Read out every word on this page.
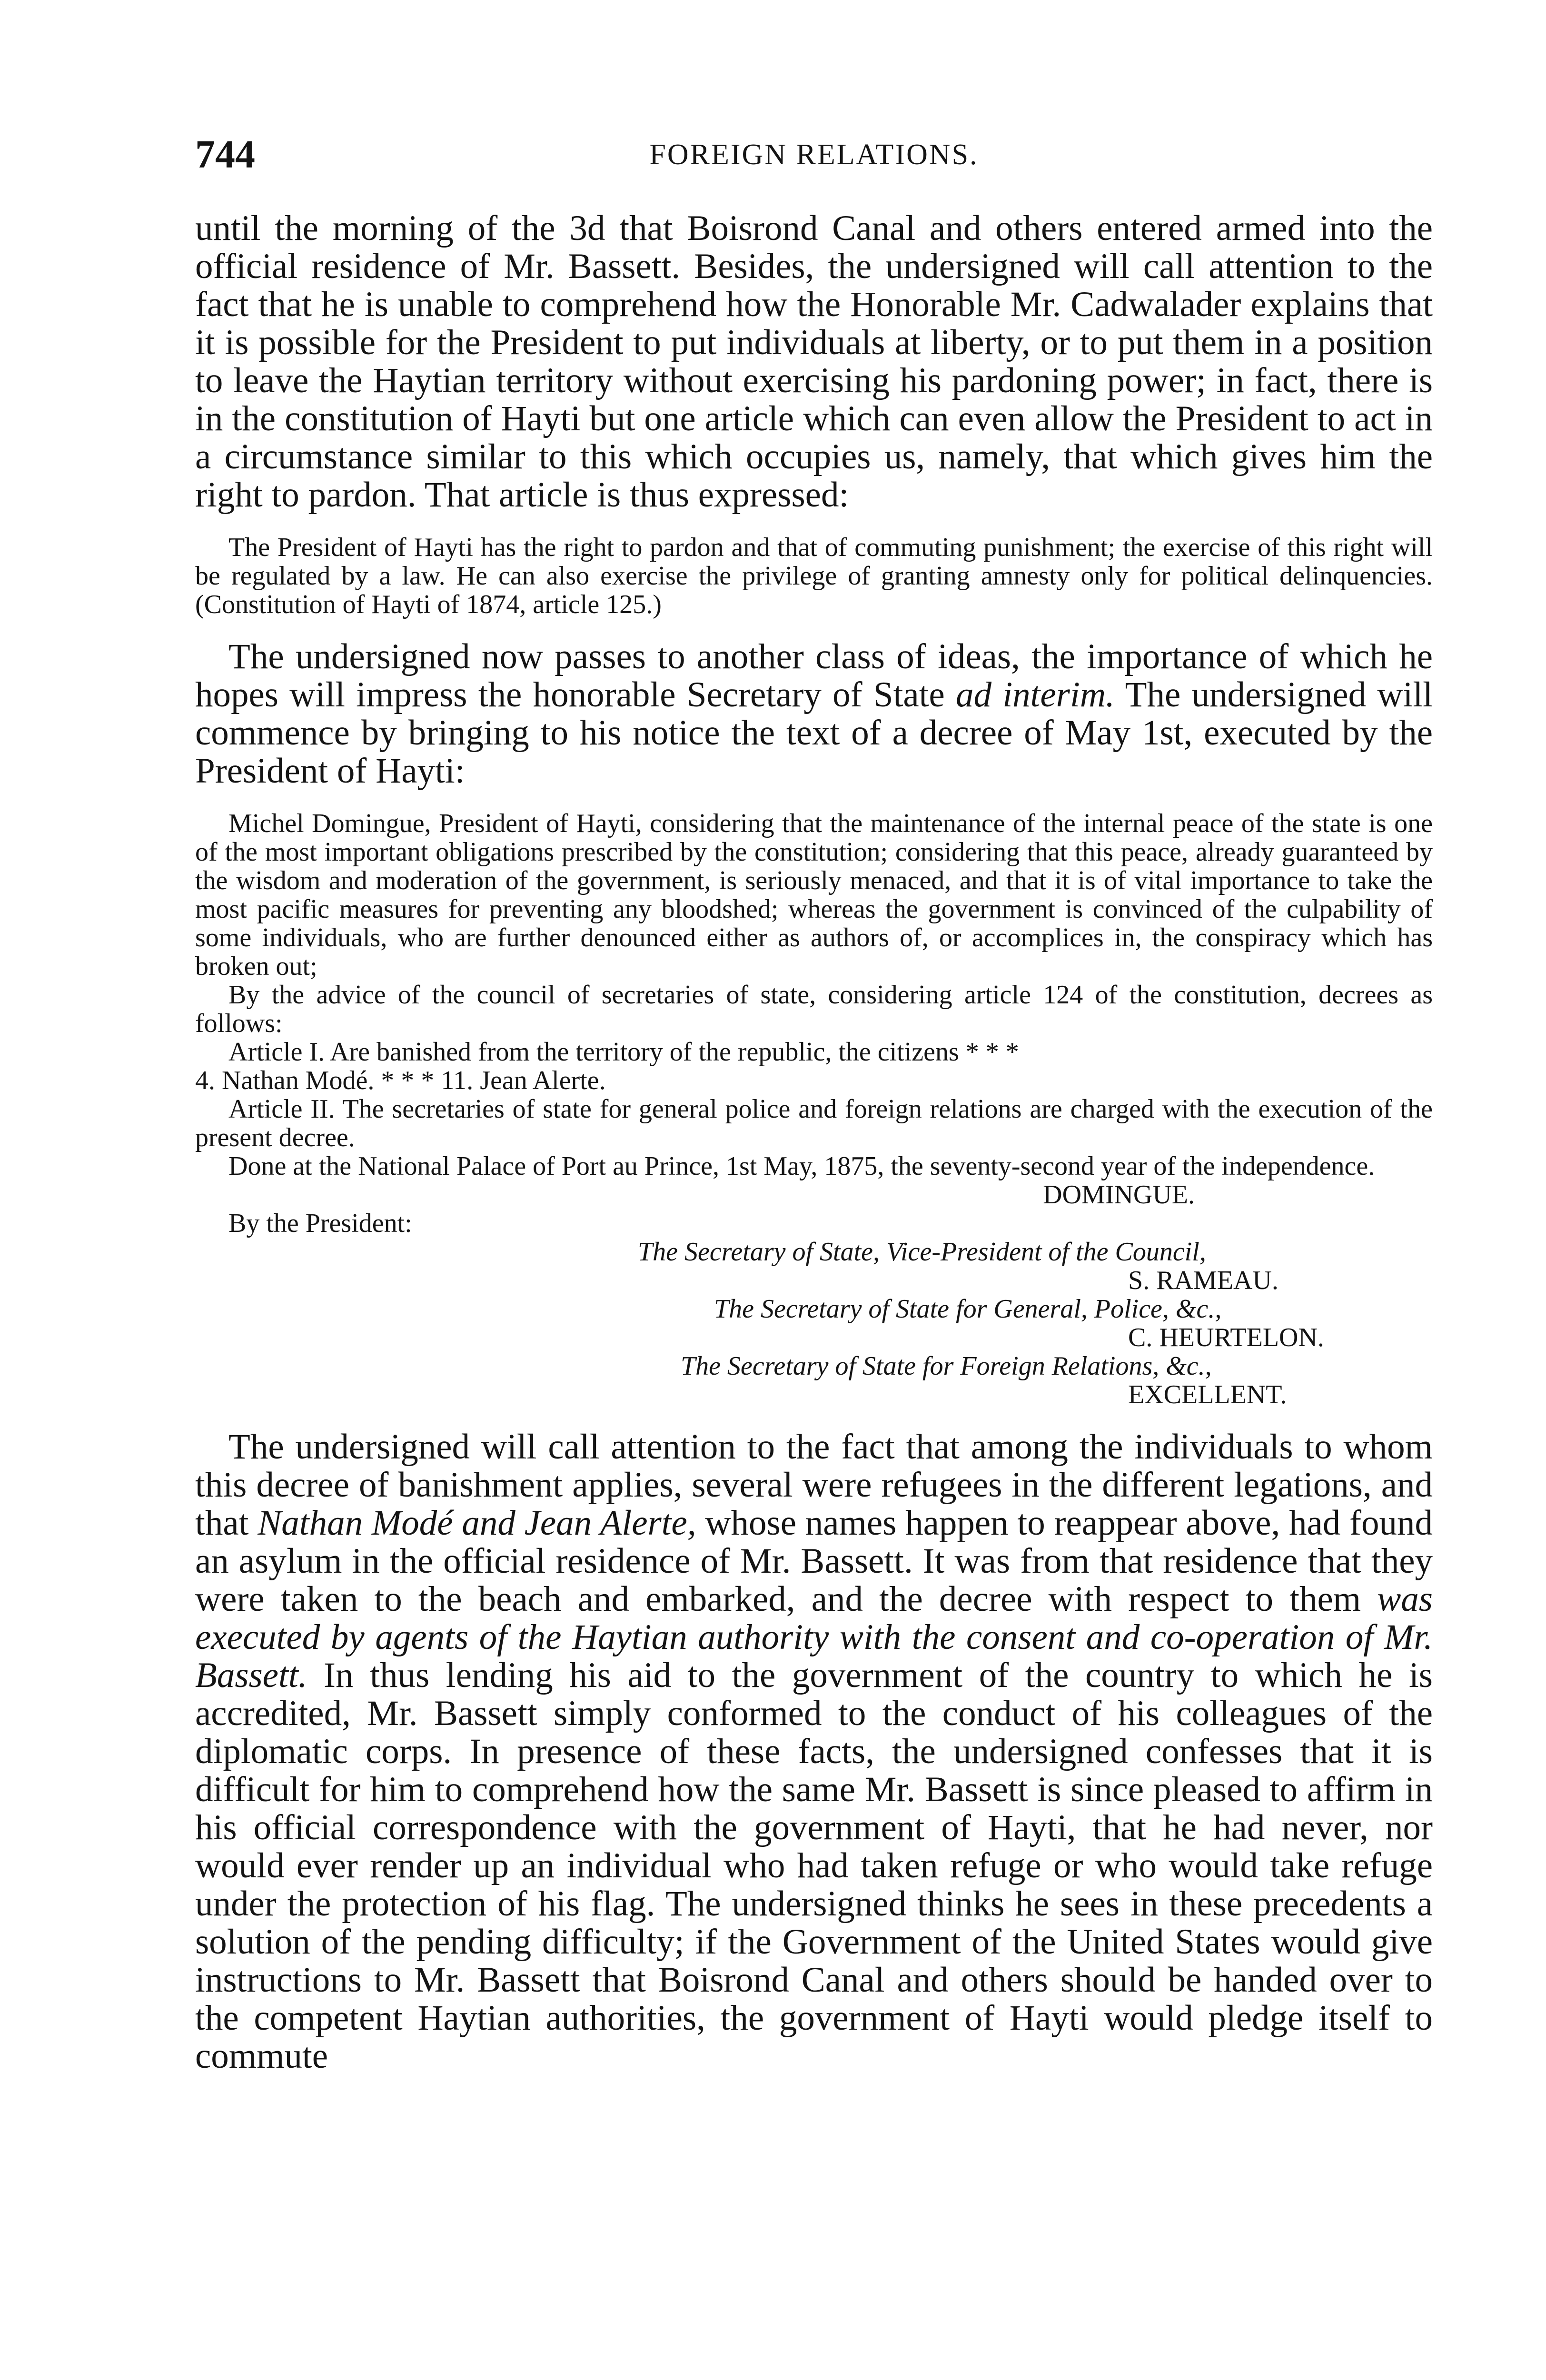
744	FOREIGN RELATIONS.

until the morning of the 3d that Boisrond Canal and others entered armed into the official residence of Mr. Bassett. Besides, the undersigned will call attention to the fact that he is unable to comprehend how the Honorable Mr. Cadwalader explains that it is possible for the President to put individuals at liberty, or to put them in a position to leave the Haytian territory without exercising his pardoning power; in fact, there is in the constitution of Hayti but one article which can even allow the President to act in a circumstance similar to this which occupies us, namely, that which gives him the right to pardon. That article is thus expressed:

The President of Hayti has the right to pardon and that of commuting punishment; the exercise of this right will be regulated by a law. He can also exercise the privilege of granting amnesty only for political delinquencies. (Constitution of Hayti of 1874, article 125.)

The undersigned now passes to another class of ideas, the importance of which he hopes will impress the honorable Secretary of State ad interim. The undersigned will commence by bringing to his notice the text of a decree of May 1st, executed by the President of Hayti:

Michel Domingue, President of Hayti, considering that the maintenance of the internal peace of the state is one of the most important obligations prescribed by the constitution; considering that this peace, already guaranteed by the wisdom and moderation of the government, is seriously menaced, and that it is of vital importance to take the most pacific measures for preventing any bloodshed; whereas the government is convinced of the culpability of some individuals, who are further denounced either as authors of, or accomplices in, the conspiracy which has broken out;

By the advice of the council of secretaries of state, considering article 124 of the constitution, decrees as follows:

Article I. Are banished from the territory of the republic, the citizens * * *

4. Nathan Modé. * * * 11. Jean Alerte.

Article II. The secretaries of state for general police and foreign relations are charged with the execution of the present decree.

Done at the National Palace of Port au Prince, 1st May, 1875, the seventy-second year of the independence.

DOMINGUE.

By the President:

The Secretary of State, Vice-President of the Council,
S. RAMEAU.
The Secretary of State for General, Police, &c.,
C. HEURTELON.
The Secretary of State for Foreign Relations, &c.,
EXCELLENT.

The undersigned will call attention to the fact that among the individuals to whom this decree of banishment applies, several were refugees in the different legations, and that Nathan Modé and Jean Alerte, whose names happen to reappear above, had found an asylum in the official residence of Mr. Bassett. It was from that residence that they were taken to the beach and embarked, and the decree with respect to them was executed by agents of the Haytian authority with the consent and co-operation of Mr. Bassett. In thus lending his aid to the government of the country to which he is accredited, Mr. Bassett simply conformed to the conduct of his colleagues of the diplomatic corps. In presence of these facts, the undersigned confesses that it is difficult for him to comprehend how the same Mr. Bassett is since pleased to affirm in his official correspondence with the government of Hayti, that he had never, nor would ever render up an individual who had taken refuge or who would take refuge under the protection of his flag. The undersigned thinks he sees in these precedents a solution of the pending difficulty; if the Government of the United States would give instructions to Mr. Bassett that Boisrond Canal and others should be handed over to the competent Haytian authorities, the government of Hayti would pledge itself to commute
